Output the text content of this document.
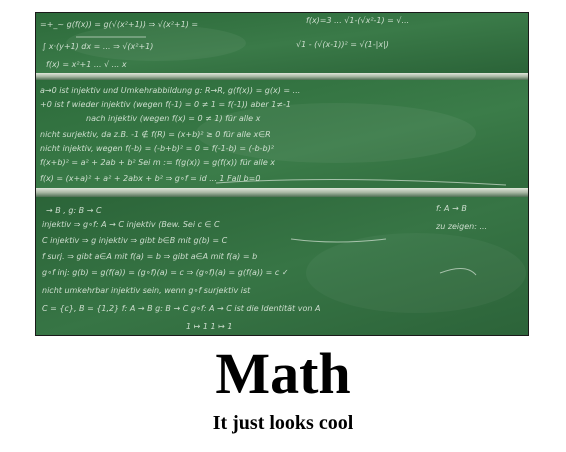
=+_~ g(f(x)) = g(√(x²+1)) ⇒ √(x²+1) =	f(x)=3 ... √1-(√x²-1) = √...
∫ x·(y+1) dx = ... ⇒ √(x²+1)	√1 - (√(x-1))² = √(1-|x|)
f(x) = x²+1 ... √ ... x
a→0 ist injektiv und Umkehrabbildung g: R→R, g(f(x)) = g(x) = ...
+0 ist f wieder injektiv (wegen f(-1) = 0 ≠ 1 = f(-1)) aber 1≠-1
nach injektiv (wegen f(x) = 0 ≠ 1) für alle x
nicht surjektiv, da z.B. -1 ∉ f(R) = (x+b)² ≥ 0 für alle x∈R
nicht injektiv, wegen f(-b) = (-b+b)² = 0 = f(-1-b) = (-b-b)²
f(x+b)² = a² + 2ab + b² Sei m := f(g(x)) = g(f(x)) für alle x
f(x) = (x+a)² + a² + 2abx + b² ⇒ g∘f = id ... 1 Fall b=0
→ B , g: B → C	f: A → B
injektiv ⇒ g∘f: A → C injektiv (Bew. Sei c ∈ C	zu zeigen: ...
C injektiv ⇒ g injektiv ⇒ gibt b∈B mit g(b) = C
f surj. ⇒ gibt a∈A mit f(a) = b ⇒ gibt a∈A mit f(a) = b
g∘f inj: g(b) = g(f(a)) = (g∘f)(a) = c ⇒ (g∘f)(a) = g(f(a)) = c ✓
nicht umkehrbar injektiv sein, wenn g∘f surjektiv ist
C = {c}, B = {1,2} f: A → B g: B → C g∘f: A → C ist die Identität von A
1 ↦ 1 1 ↦ 1
Math
It just looks cool
